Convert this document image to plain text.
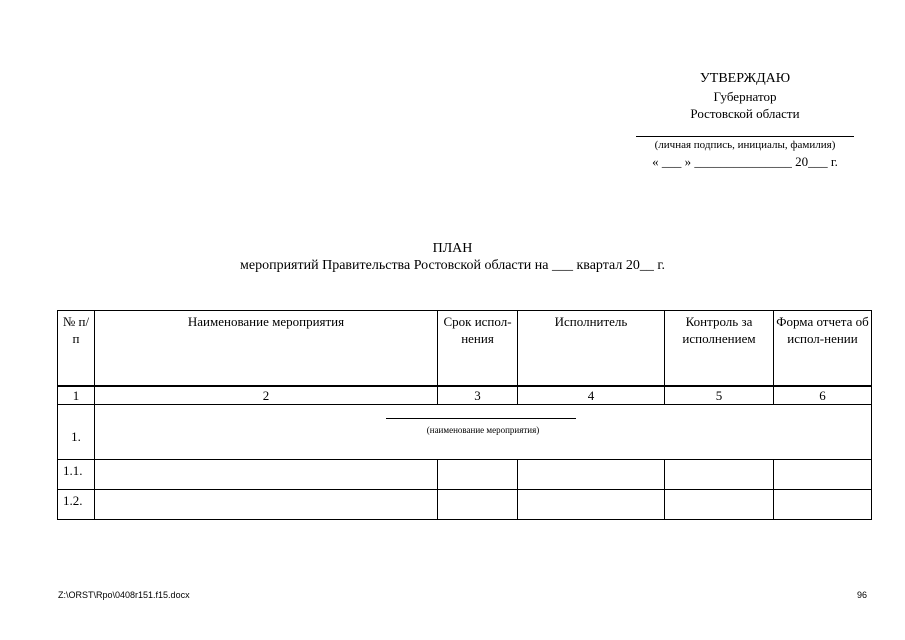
УТВЕРЖДАЮ
Губернатор
Ростовской области
(личная подпись, инициалы, фамилия)
« ___ » _______________ 20___ г.
ПЛАН
мероприятий Правительства Ростовской области на ___ квартал 20__ г.
№ п/п	Наименование мероприятия	Срок испол-нения	Исполнитель	Контроль за исполнением	Форма отчета об испол-нении
1	2	3	4	5	6
1.	(наименование мероприятия)				

1.1.					
1.2.					
Z:\ORST\Rpo\0408r151.f15.docx	96
